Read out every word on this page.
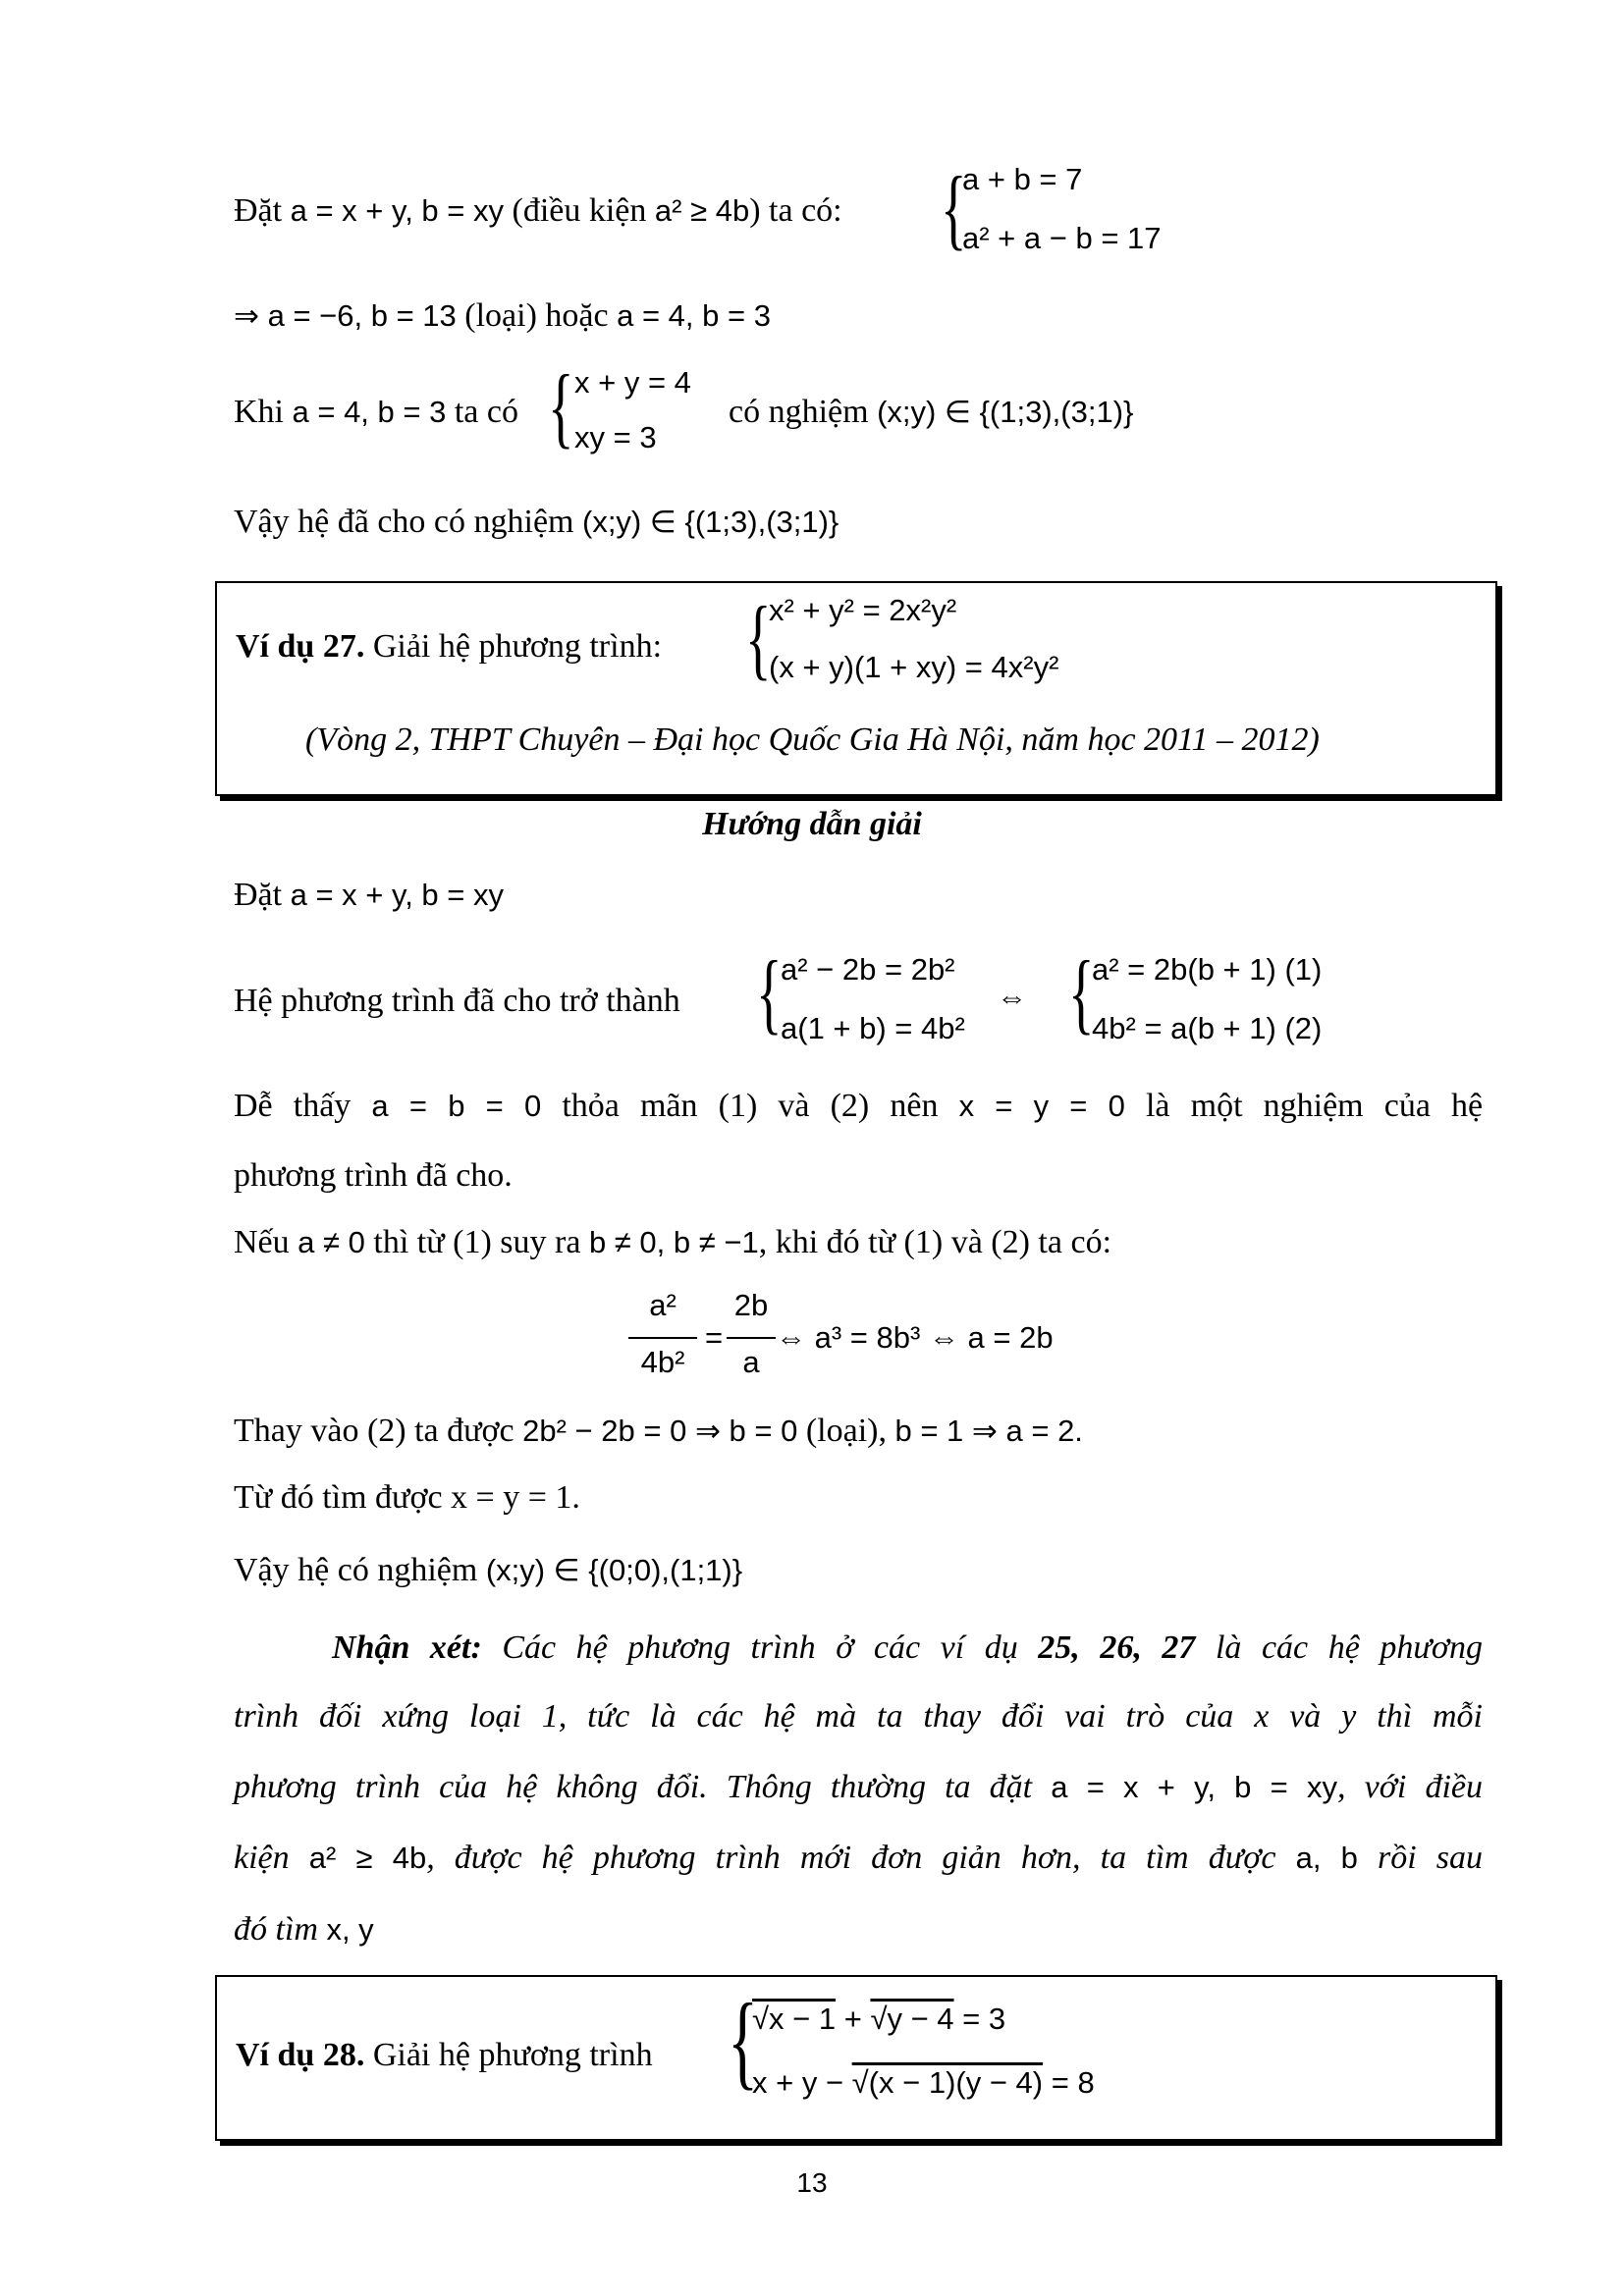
Đặt a = x + y, b = xy (điều kiện a² ≥ 4b) ta có: {
a + b = 7
a² + a − b = 17
⇒ a = −6, b = 13 (loại) hoặc a = 4, b = 3
Khi a = 4, b = 3 ta có { x + y = 4
xy = 3
có nghiệm (x;y) ∈ {(1;3),(3;1)}
Vậy hệ đã cho có nghiệm (x;y) ∈ {(1;3),(3;1)}
Ví dụ 27. Giải hệ phương trình: {
x² + y² = 2x²y²
(x + y)(1 + xy) = 4x²y²
(Vòng 2, THPT Chuyên – Đại học Quốc Gia Hà Nội, năm học 2011 – 2012)
Hướng dẫn giải
Đặt a = x + y, b = xy
Hệ phương trình đã cho trở thành {
a² − 2b = 2b²
a(1 + b) = 4b²
⇔ {
a² = 2b(b + 1) (1)
4b² = a(b + 1) (2)
Dễ thấy a = b = 0 thỏa mãn (1) và (2) nên x = y = 0 là một nghiệm của hệ
phương trình đã cho.
Nếu a ≠ 0 thì từ (1) suy ra b ≠ 0, b ≠ −1, khi đó từ (1) và (2) ta có:
a²
4b²
=
2b
a
⇔ a³ = 8b³ ⇔ a = 2b
Thay vào (2) ta được 2b² − 2b = 0 ⇒ b = 0 (loại), b = 1 ⇒ a = 2.
Từ đó tìm được x = y = 1.
Vậy hệ có nghiệm (x;y) ∈ {(0;0),(1;1)}
Nhận xét: Các hệ phương trình ở các ví dụ 25, 26, 27 là các hệ phương
trình đối xứng loại 1, tức là các hệ mà ta thay đổi vai trò của x và y thì mỗi
phương trình của hệ không đổi. Thông thường ta đặt a = x + y, b = xy, với điều
kiện a² ≥ 4b, được hệ phương trình mới đơn giản hơn, ta tìm được a, b rồi sau
đó tìm x, y
Ví dụ 28. Giải hệ phương trình {
√x − 1 + √y − 4 = 3
x + y − √(x − 1)(y − 4) = 8
13
